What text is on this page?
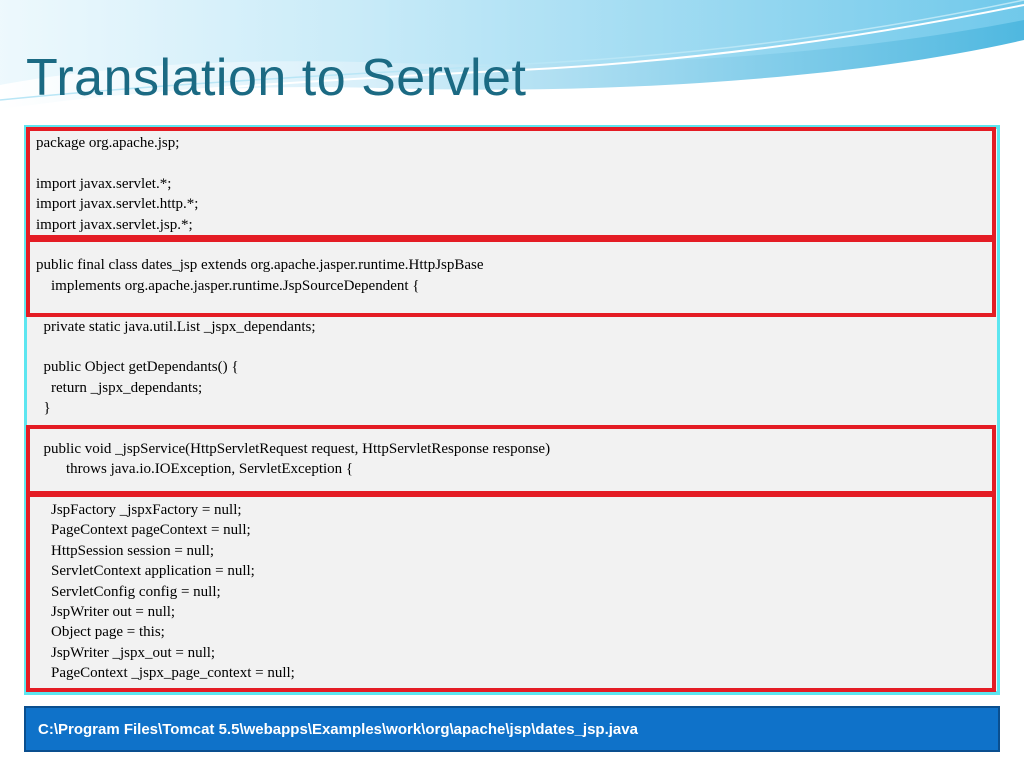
Translation to Servlet
package org.apache.jsp;
import javax.servlet.*;
import javax.servlet.http.*;
import javax.servlet.jsp.*;
public final class dates_jsp extends org.apache.jasper.runtime.HttpJspBase
implements org.apache.jasper.runtime.JspSourceDependent {
private static java.util.List _jspx_dependants;
public Object getDependants() {
return _jspx_dependants;
}
public void _jspService(HttpServletRequest request, HttpServletResponse response)
throws java.io.IOException, ServletException {
JspFactory _jspxFactory = null;
PageContext pageContext = null;
HttpSession session = null;
ServletContext application = null;
ServletConfig config = null;
JspWriter out = null;
Object page = this;
JspWriter _jspx_out = null;
PageContext _jspx_page_context = null;
C:\Program Files\Tomcat 5.5\webapps\Examples\work\org\apache\jsp\dates_jsp.java
